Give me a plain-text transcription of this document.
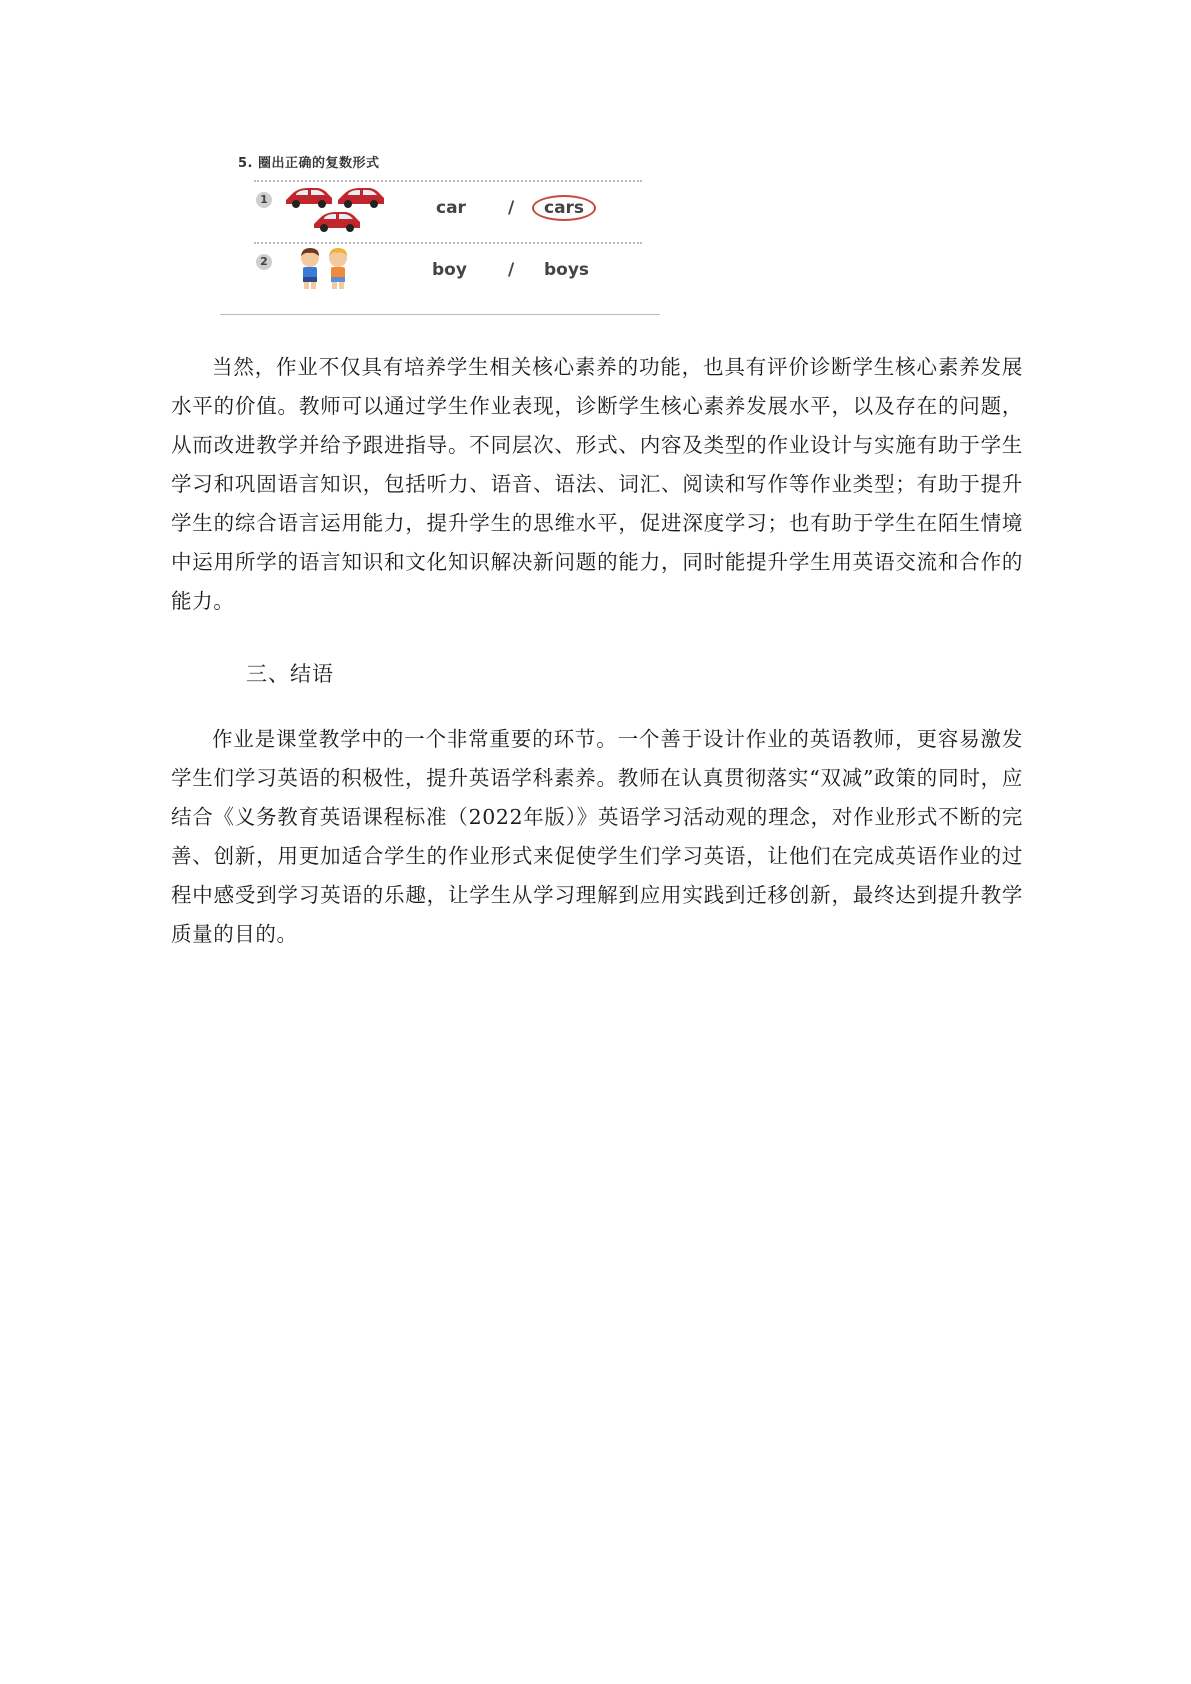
5. 圈出正确的复数形式
1	car /	cars
2	boy / boys

当然，作业不仅具有培养学生相关核心素养的功能，也具有评价诊断学生核心素养发展水平的价值。教师可以通过学生作业表现，诊断学生核心素养发展水平，以及存在的问题，从而改进教学并给予跟进指导。不同层次、形式、内容及类型的作业设计与实施有助于学生学习和巩固语言知识，包括听力、语音、语法、词汇、阅读和写作等作业类型；有助于提升学生的综合语言运用能力，提升学生的思维水平，促进深度学习；也有助于学生在陌生情境中运用所学的语言知识和文化知识解决新问题的能力，同时能提升学生用英语交流和合作的能力。

三、结语

作业是课堂教学中的一个非常重要的环节。一个善于设计作业的英语教师，更容易激发学生们学习英语的积极性，提升英语学科素养。教师在认真贯彻落实“双减”政策的同时，应结合《义务教育英语课程标准（2022年版）》英语学习活动观的理念，对作业形式不断的完善、创新，用更加适合学生的作业形式来促使学生们学习英语，让他们在完成英语作业的过程中感受到学习英语的乐趣，让学生从学习理解到应用实践到迁移创新，最终达到提升教学质量的目的。
